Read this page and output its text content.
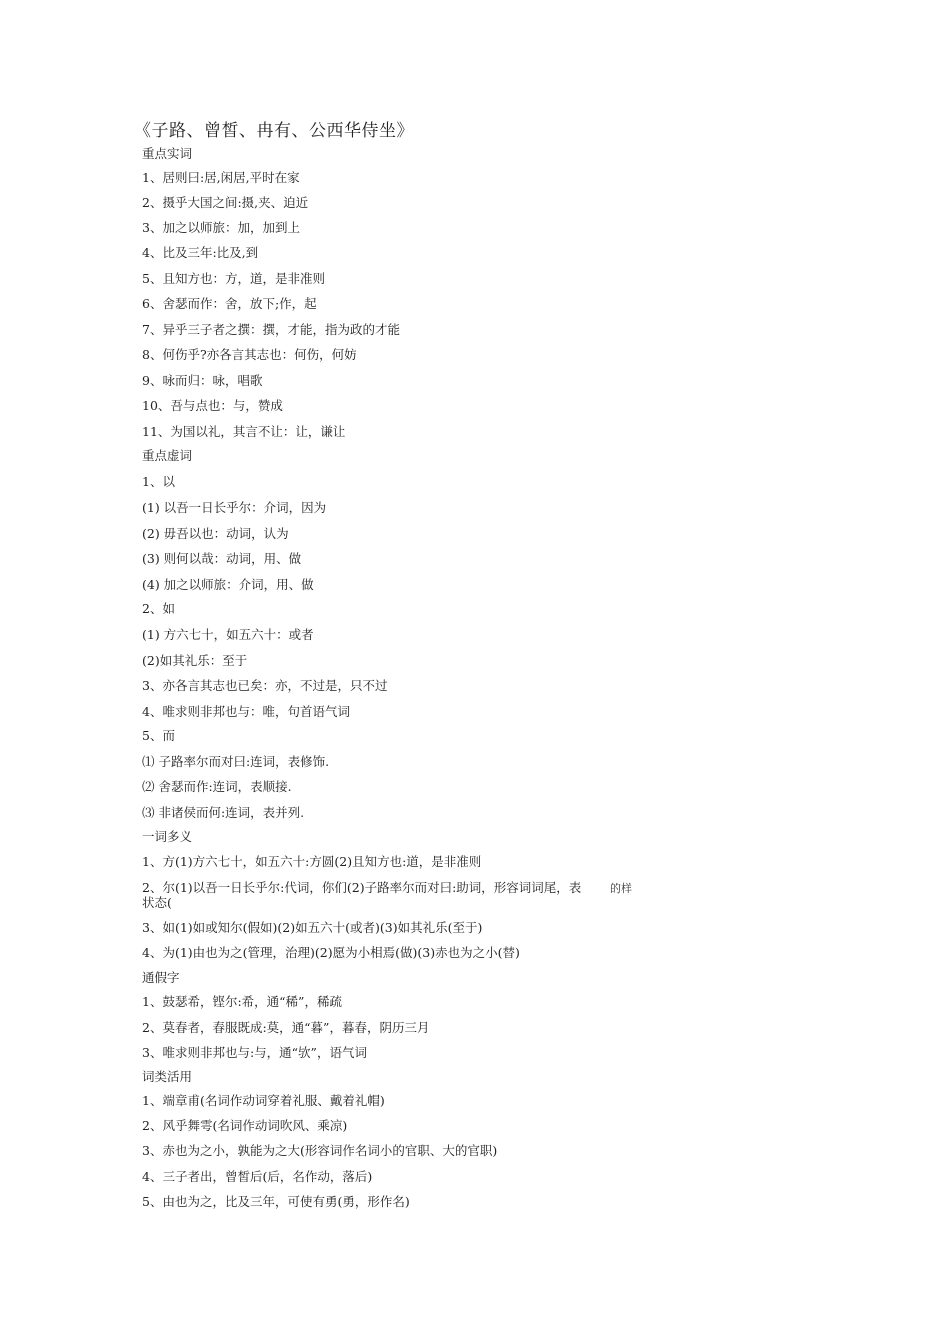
《子路、曾皙、冉有、公西华侍坐》
重点实词
1、居则曰:居,闲居,平时在家
2、摄乎大国之间:摄,夹、迫近
3、加之以师旅：加，加到上
4、比及三年:比及,到
5、且知方也：方，道，是非准则
6、舍瑟而作：舍，放下;作，起
7、异乎三子者之撰：撰，才能，指为政的才能
8、何伤乎?亦各言其志也：何伤，何妨
9、咏而归：咏，唱歌
10、吾与点也：与，赞成
11、为国以礼，其言不让：让，谦让
重点虚词
1、以
(1) 以吾一日长乎尔：介词，因为
(2) 毋吾以也：动词，认为
(3) 则何以哉：动词，用、做
(4) 加之以师旅：介词，用、做
2、如
(1) 方六七十，如五六十：或者
(2)如其礼乐：至于
3、亦各言其志也已矣：亦，不过是，只不过
4、唯求则非邦也与：唯，句首语气词
5、而
⑴ 子路率尔而对曰:连词，表修饰.
⑵ 舍瑟而作:连词，表顺接.
⑶ 非诸侯而何:连词，表并列.
一词多义
1、方(1)方六七十，如五六十:方圆(2)且知方也:道，是非准则
2、尔(1)以吾一日长乎尔:代词，你们(2)子路率尔而对曰:助词，形容词词尾，表	的样
状态(
3、如(1)如或知尔(假如)(2)如五六十(或者)(3)如其礼乐(至于)
4、为(1)由也为之(管理，治理)(2)愿为小相焉(做)(3)赤也为之小(替)
通假字
1、鼓瑟希，铿尔:希，通“稀”，稀疏
2、莫春者，春服既成:莫，通“暮”，暮春，阴历三月
3、唯求则非邦也与:与，通“欤”，语气词
词类活用
1、端章甫(名词作动词穿着礼服、戴着礼帽)
2、风乎舞雩(名词作动词吹风、乘凉)
3、赤也为之小，孰能为之大(形容词作名词小的官职、大的官职)
4、三子者出，曾皙后(后，名作动，落后)
5、由也为之，比及三年，可使有勇(勇，形作名)
